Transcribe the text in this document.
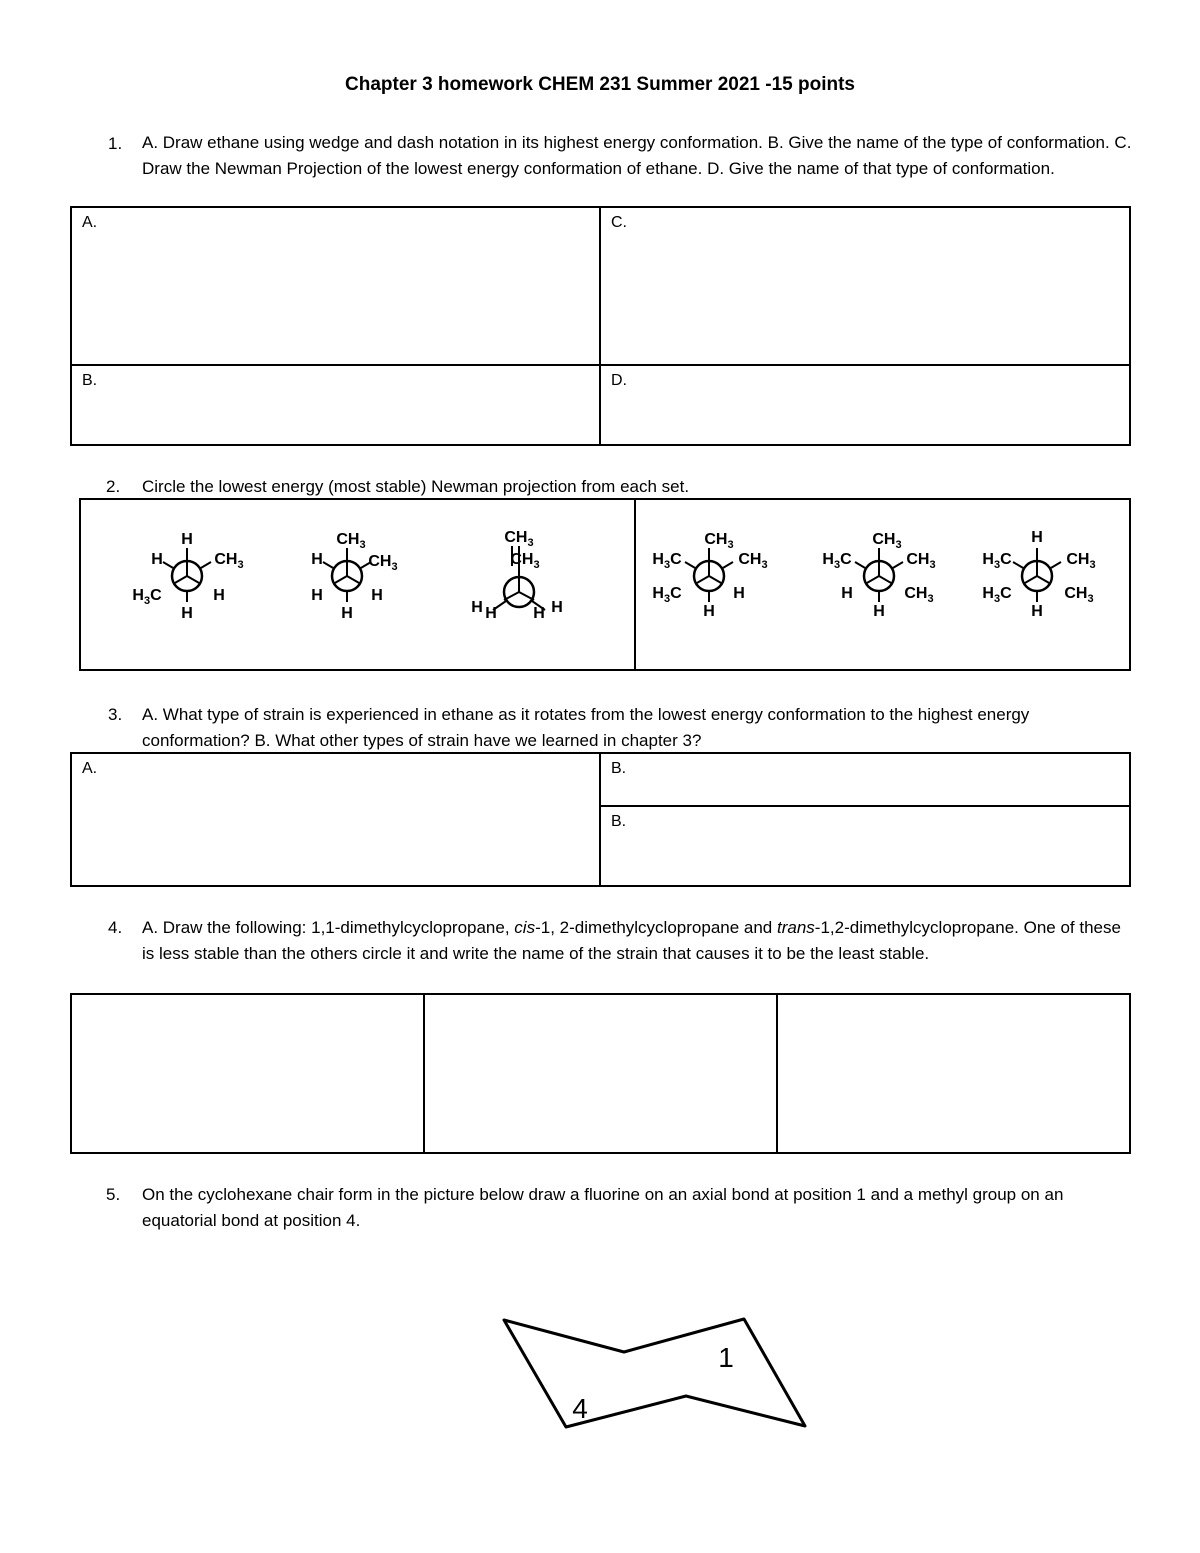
Chapter 3 homework CHEM 231 Summer 2021 -15 points
1. A. Draw ethane using wedge and dash notation in its highest energy conformation. B. Give the name of the type of conformation. C. Draw the Newman Projection of the lowest energy conformation of ethane. D. Give the name of that type of conformation.
A.	C.
B.	D.
2. Circle the lowest energy (most stable) Newman projection from each set.
H
H	$CH_3$
$H_3C$	H
H
$CH_3$
H	$CH_3$
H	H
H
$CH_3$
$CH_3$
H H H H
$CH_3$
$H_3C$	$CH_3$
$H_3C$	H
H
$CH_3$
$H_3C$	$CH_3$
H	$CH_3$
H
H
$H_3C$	$CH_3$
$H_3C$	$CH_3$
H
3. A. What type of strain is experienced in ethane as it rotates from the lowest energy conformation to the highest energy conformation? B. What other types of strain have we learned in chapter 3?
A.	B.
B.
4. A. Draw the following: 1,1-dimethylcyclopropane, cis-1, 2-dimethylcyclopropane and trans-1,2-dimethylcyclopropane. One of these is less stable than the others circle it and write the name of the strain that causes it to be the least stable.
5. On the cyclohexane chair form in the picture below draw a fluorine on an axial bond at position 1 and a methyl group on an equatorial bond at position 4.
1
4
